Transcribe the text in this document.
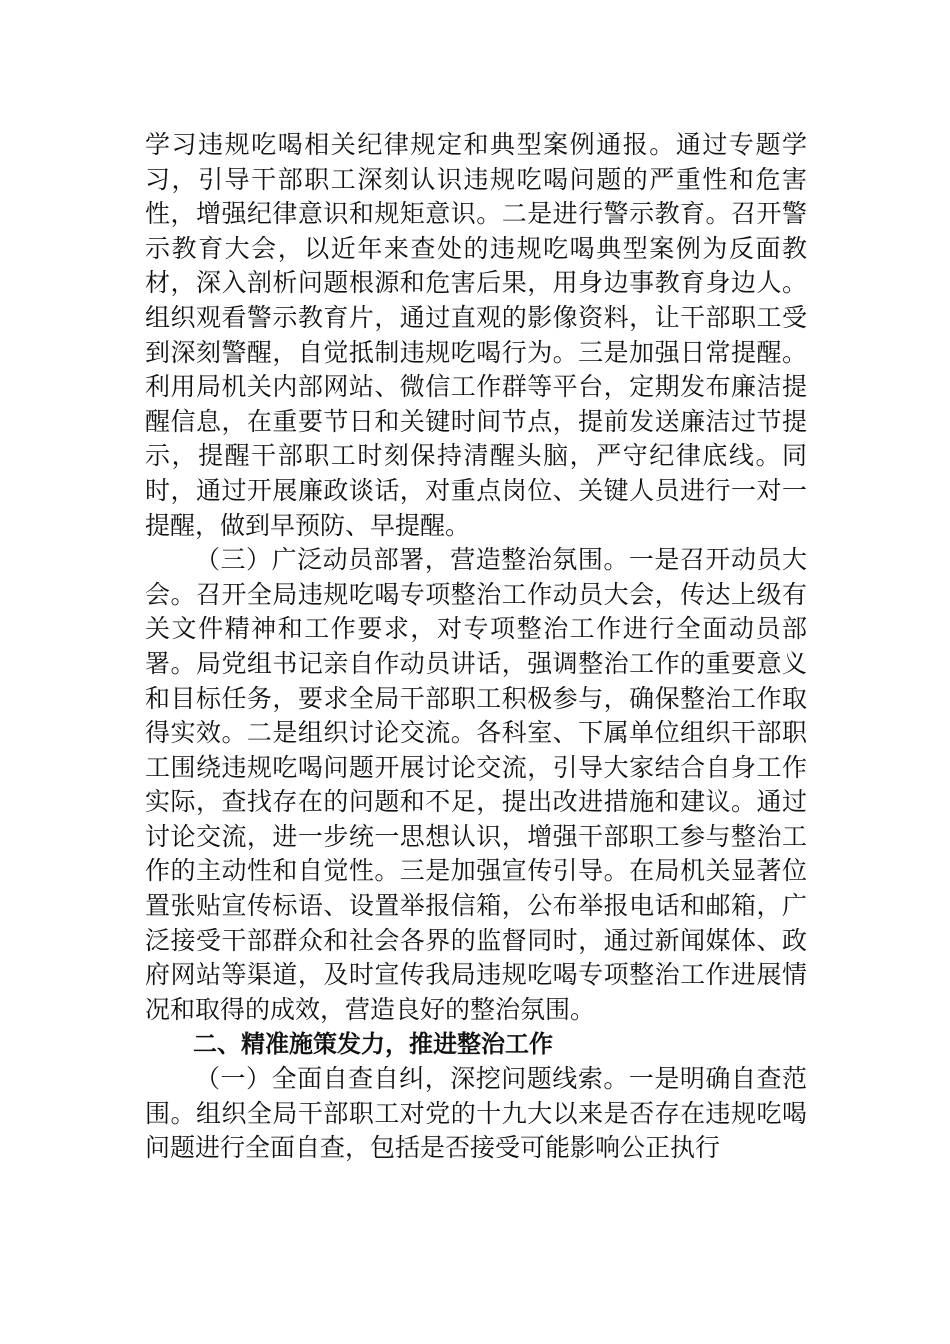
学习违规吃喝相关纪律规定和典型案例通报。通过专题学习，引导干部职工深刻认识违规吃喝问题的严重性和危害性，增强纪律意识和规矩意识。二是进行警示教育。召开警示教育大会，以近年来查处的违规吃喝典型案例为反面教材，深入剖析问题根源和危害后果，用身边事教育身边人。组织观看警示教育片，通过直观的影像资料，让干部职工受到深刻警醒，自觉抵制违规吃喝行为。三是加强日常提醒。利用局机关内部网站、微信工作群等平台，定期发布廉洁提醒信息，在重要节日和关键时间节点，提前发送廉洁过节提示，提醒干部职工时刻保持清醒头脑，严守纪律底线。同时，通过开展廉政谈话，对重点岗位、关键人员进行一对一提醒，做到早预防、早提醒。

（三）广泛动员部署，营造整治氛围。一是召开动员大会。召开全局违规吃喝专项整治工作动员大会，传达上级有关文件精神和工作要求，对专项整治工作进行全面动员部署。局党组书记亲自作动员讲话，强调整治工作的重要意义和目标任务，要求全局干部职工积极参与，确保整治工作取得实效。二是组织讨论交流。各科室、下属单位组织干部职工围绕违规吃喝问题开展讨论交流，引导大家结合自身工作实际，查找存在的问题和不足，提出改进措施和建议。通过讨论交流，进一步统一思想认识，增强干部职工参与整治工作的主动性和自觉性。三是加强宣传引导。在局机关显著位置张贴宣传标语、设置举报信箱，公布举报电话和邮箱，广泛接受干部群众和社会各界的监督同时，通过新闻媒体、政府网站等渠道，及时宣传我局违规吃喝专项整治工作进展情况和取得的成效，营造良好的整治氛围。

二、精准施策发力，推进整治工作

（一）全面自查自纠，深挖问题线索。一是明确自查范围。组织全局干部职工对党的十九大以来是否存在违规吃喝问题进行全面自查，包括是否接受可能影响公正执行
